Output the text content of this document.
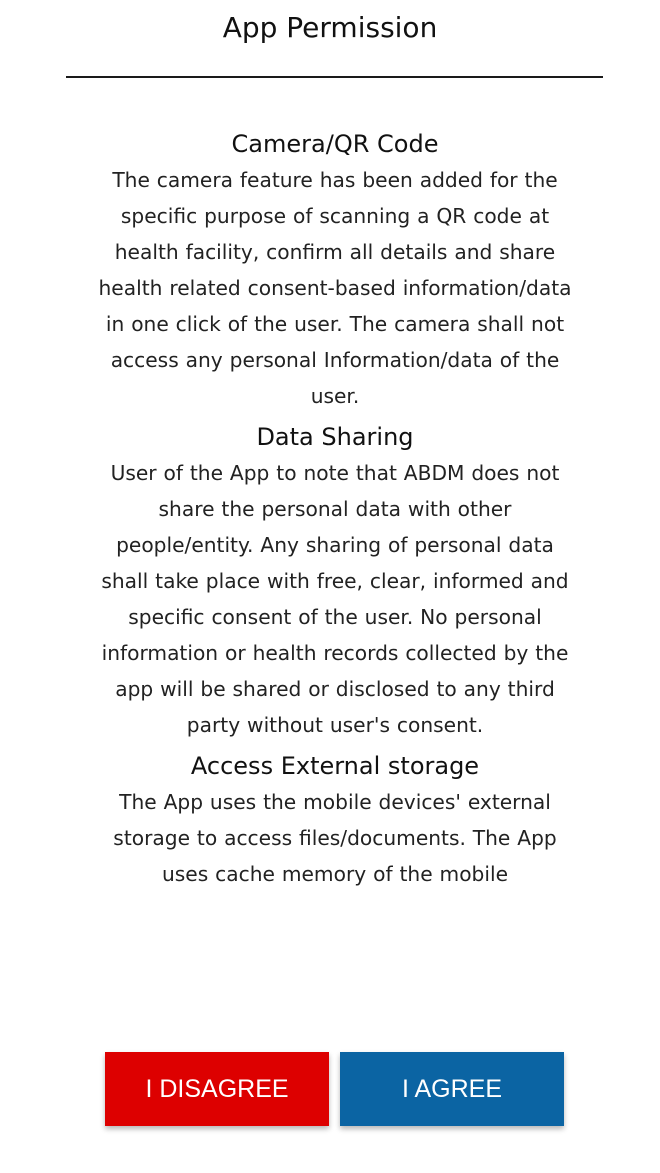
App Permission
Camera/QR Code
The camera feature has been added for the specific purpose of scanning a QR code at health facility, confirm all details and share health related consent-based information/data in one click of the user. The camera shall not access any personal Information/data of the user.
Data Sharing
User of the App to note that ABDM does not share the personal data with other people/entity. Any sharing of personal data shall take place with free, clear, informed and specific consent of the user. No personal information or health records collected by the app will be shared or disclosed to any third party without user's consent.
Access External storage
The App uses the mobile devices' external storage to access files/documents. The App uses cache memory of the mobile
I DISAGREE	I AGREE
